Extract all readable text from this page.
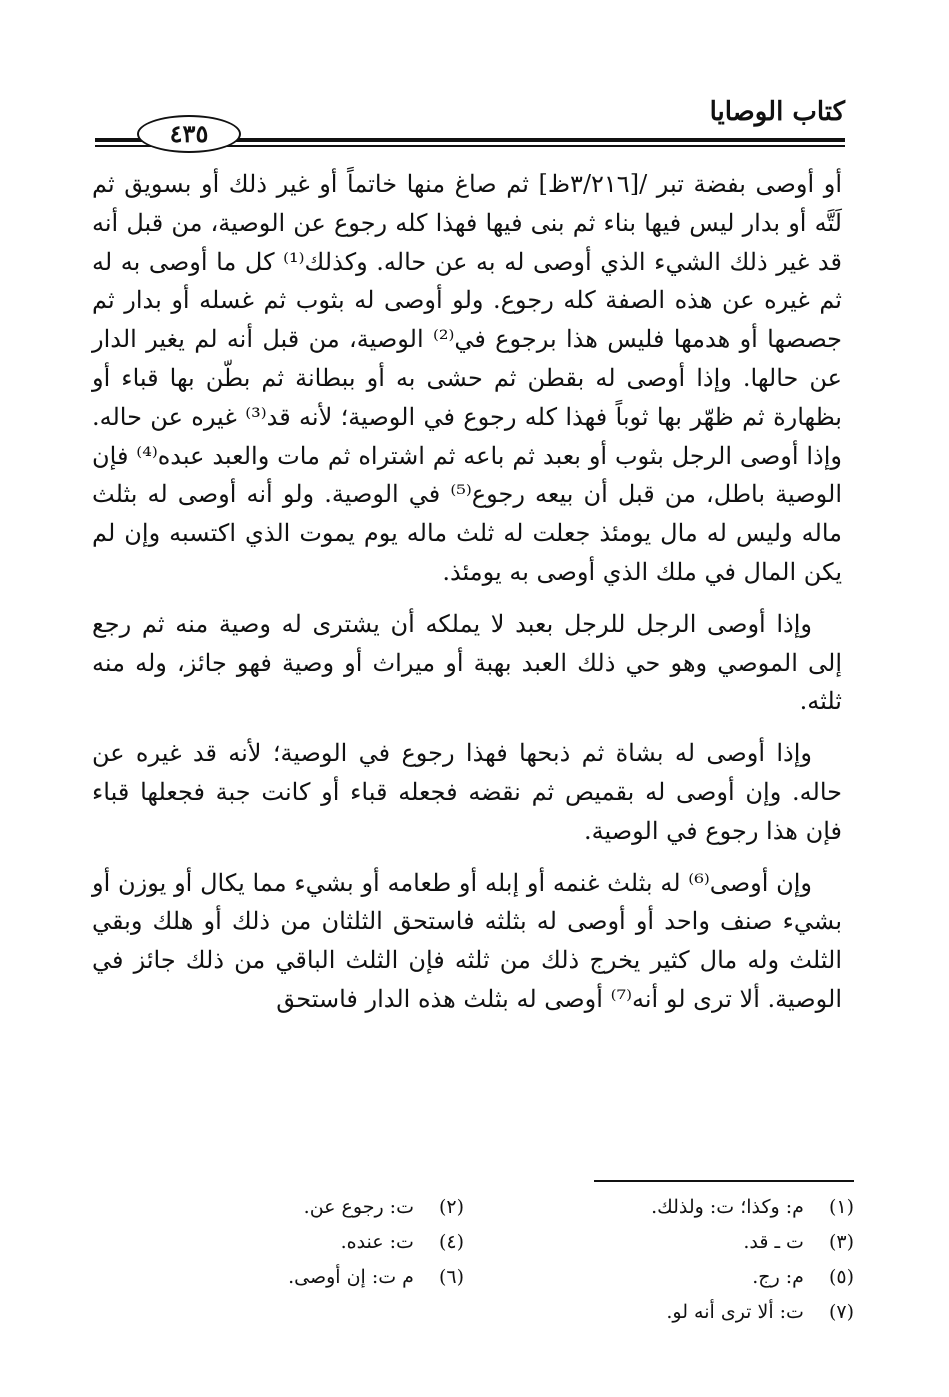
كتاب الوصايا
٤٣٥

أو أوصى بفضة تبر /[٣/٢١٦ظ] ثم صاغ منها خاتماً أو غير ذلك أو بسويق ثم لَتَّه أو بدار ليس فيها بناء ثم بنى فيها فهذا كله رجوع عن الوصية، من قبل أنه قد غير ذلك الشيء الذي أوصى له به عن حاله. وكذلك⁽¹⁾ كل ما أوصى به له ثم غيره عن هذه الصفة كله رجوع. ولو أوصى له بثوب ثم غسله أو بدار ثم جصصها أو هدمها فليس هذا برجوع في⁽²⁾ الوصية، من قبل أنه لم يغير الدار عن حالها. وإذا أوصى له بقطن ثم حشى به أو ببطانة ثم بطّن بها قباء أو بظهارة ثم ظهّر بها ثوباً فهذا كله رجوع في الوصية؛ لأنه قد⁽³⁾ غيره عن حاله. وإذا أوصى الرجل بثوب أو بعبد ثم باعه ثم اشتراه ثم مات والعبد عبده⁽⁴⁾ فإن الوصية باطل، من قبل أن بيعه رجوع⁽⁵⁾ في الوصية. ولو أنه أوصى له بثلث ماله وليس له مال يومئذ جعلت له ثلث ماله يوم يموت الذي اكتسبه وإن لم يكن المال في ملك الذي أوصى به يومئذ.

وإذا أوصى الرجل للرجل بعبد لا يملكه أن يشترى له وصية منه ثم رجع إلى الموصي وهو حي ذلك العبد بهبة أو ميراث أو وصية فهو جائز، وله منه ثلثه.

وإذا أوصى له بشاة ثم ذبحها فهذا رجوع في الوصية؛ لأنه قد غيره عن حاله. وإن أوصى له بقميص ثم نقضه فجعله قباء أو كانت جبة فجعلها قباء فإن هذا رجوع في الوصية.

وإن أوصى⁽⁶⁾ له بثلث غنمه أو إبله أو طعامه أو بشيء مما يكال أو يوزن أو بشيء صنف واحد أو أوصى له بثلثه فاستحق الثلثان من ذلك أو هلك وبقي الثلث وله مال كثير يخرج ذلك من ثلثه فإن الثلث الباقي من ذلك جائز في الوصية. ألا ترى لو أنه⁽⁷⁾ أوصى له بثلث هذه الدار فاستحق

(١) م: وكذا؛ ت: ولذلك.
(٣) ت ـ قد.
(٥) م: رج.
(٧) ت: ألا ترى أنه لو.
(٢) ت: رجوع عن.
(٤) ت: عنده.
(٦) م ت: إن أوصى.
